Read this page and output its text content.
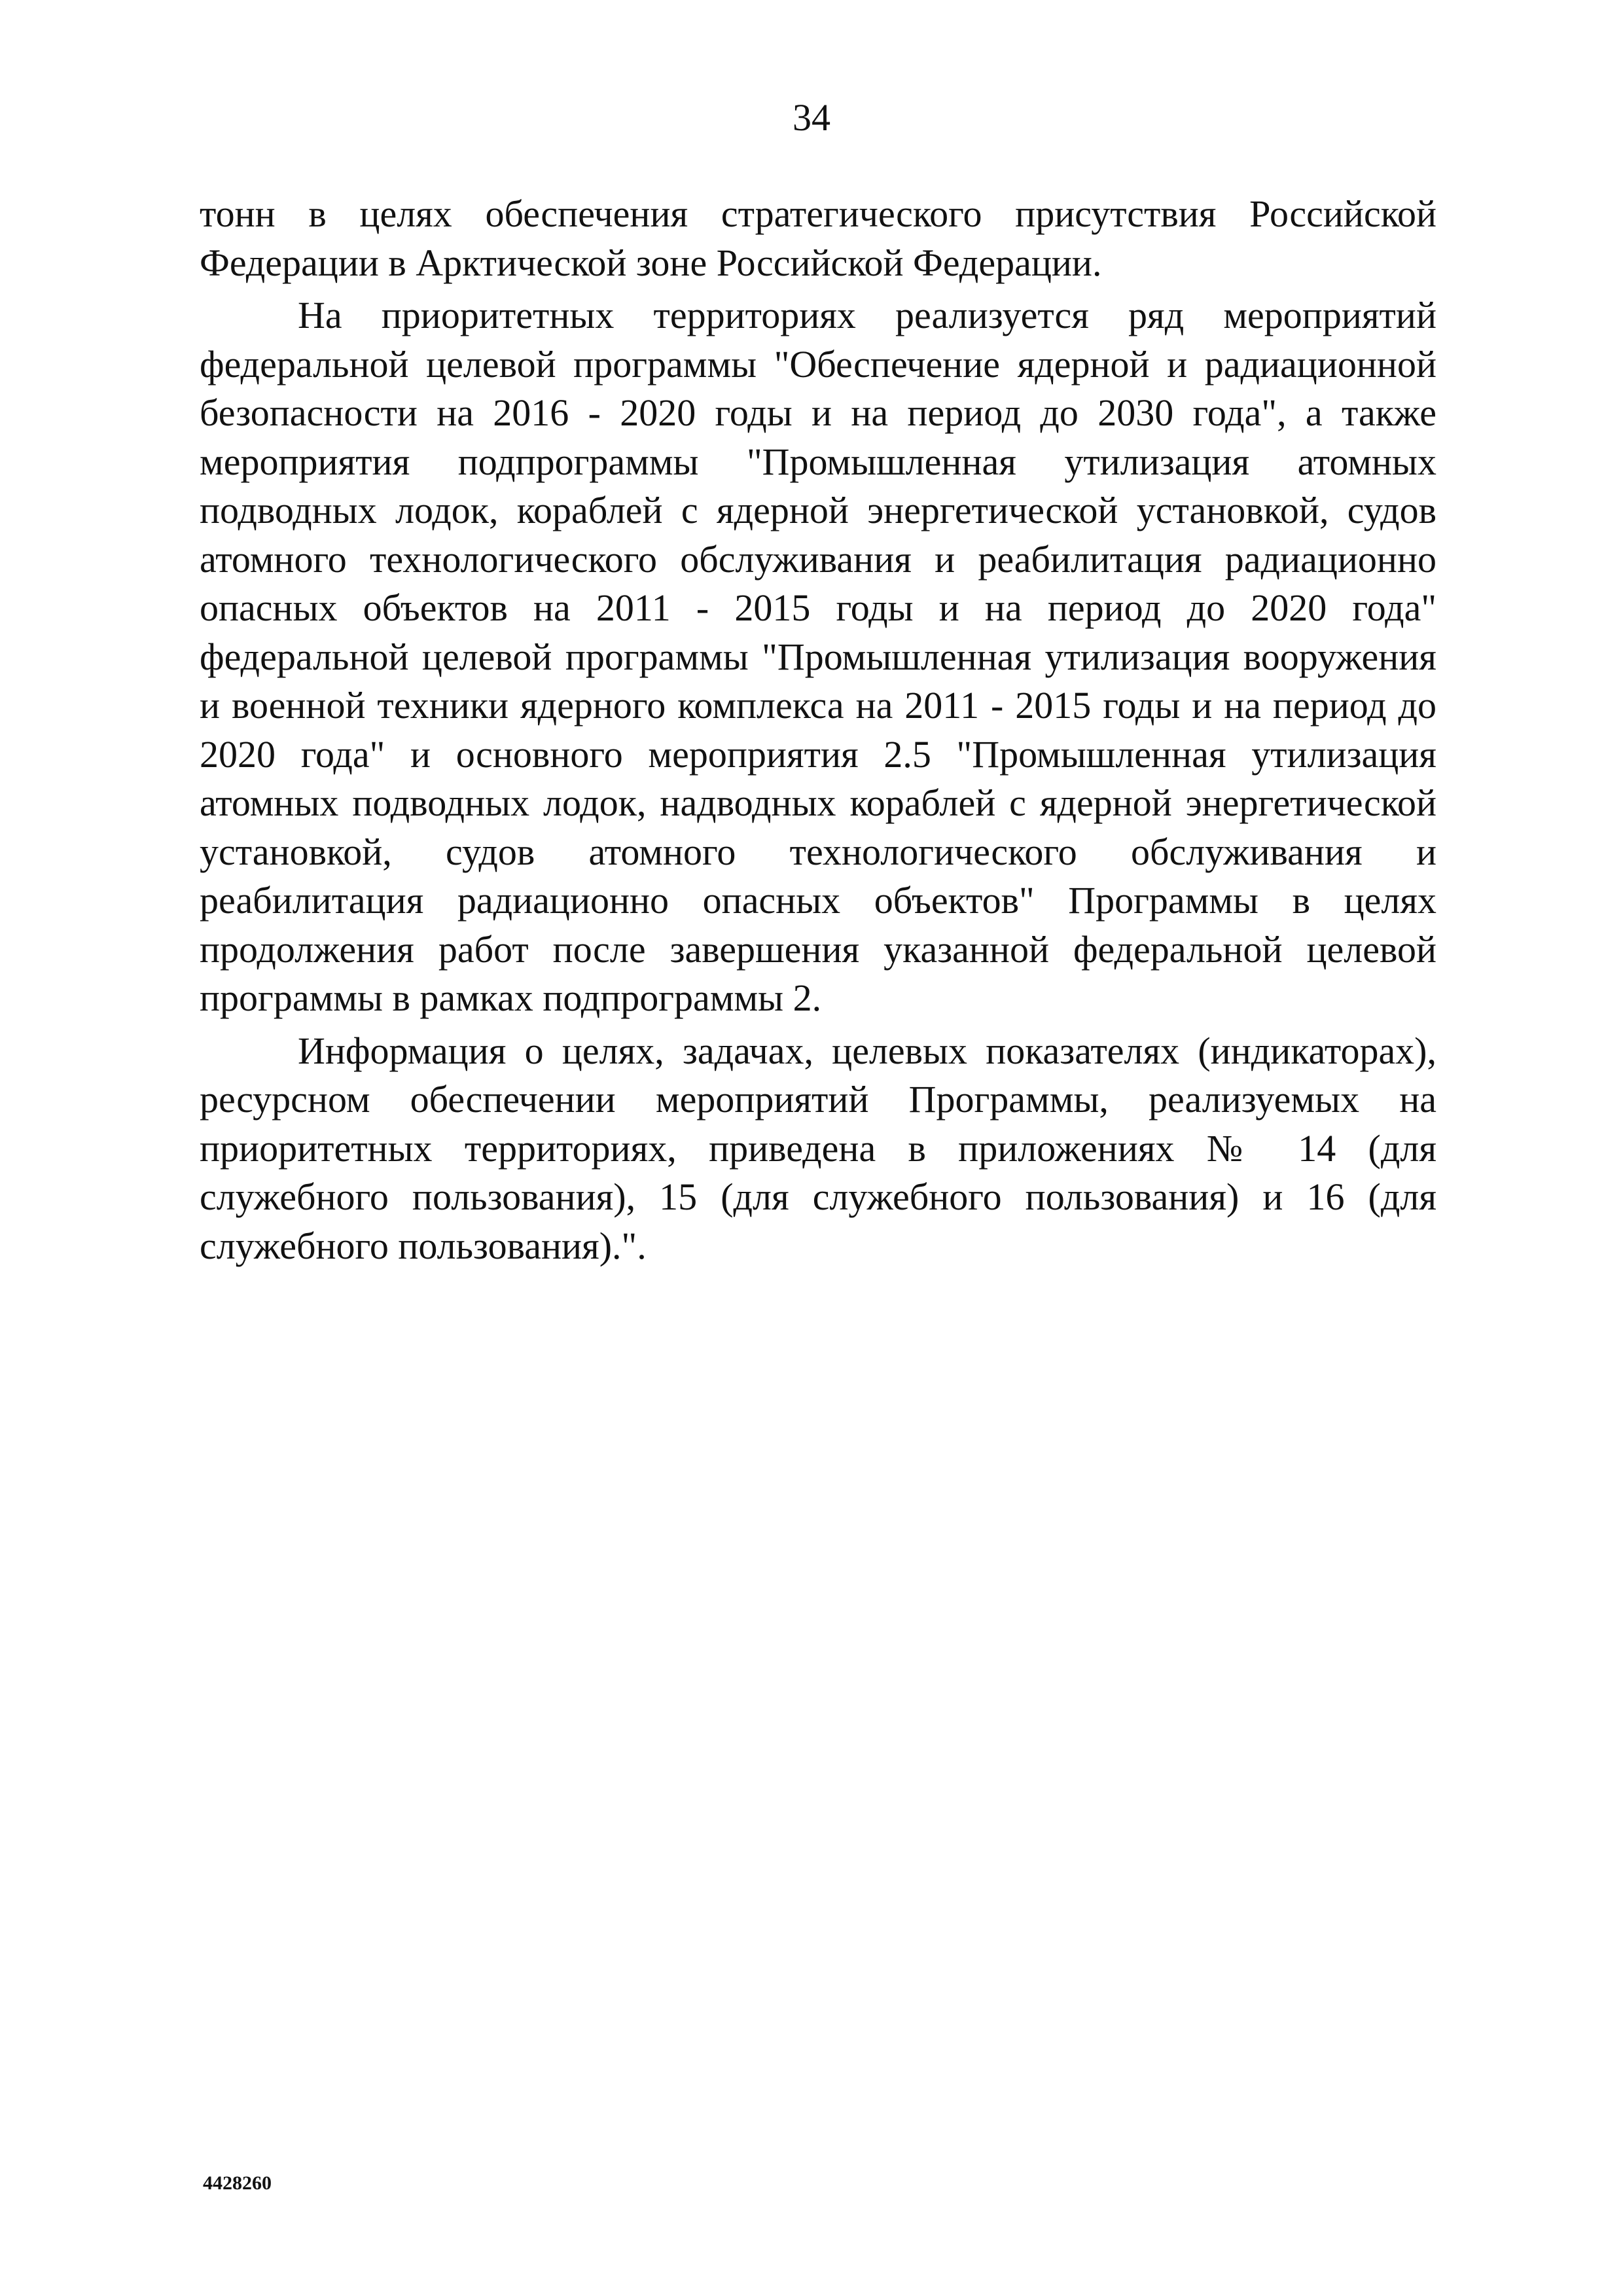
34

тонн в целях обеспечения стратегического присутствия Российской Федерации в Арктической зоне Российской Федерации.

На приоритетных территориях реализуется ряд мероприятий федеральной целевой программы "Обеспечение ядерной и радиационной безопасности на 2016 - 2020 годы и на период до 2030 года", а также мероприятия подпрограммы "Промышленная утилизация атомных подводных лодок, кораблей с ядерной энергетической установкой, судов атомного технологического обслуживания и реабилитация радиационно опасных объектов на 2011 - 2015 годы и на период до 2020 года" федеральной целевой программы "Промышленная утилизация вооружения и военной техники ядерного комплекса на 2011 - 2015 годы и на период до 2020 года" и основного мероприятия 2.5 "Промышленная утилизация атомных подводных лодок, надводных кораблей с ядерной энергетической установкой, судов атомного технологического обслуживания и реабилитация радиационно опасных объектов" Программы в целях продолжения работ после завершения указанной федеральной целевой программы в рамках подпрограммы 2.

Информация о целях, задачах, целевых показателях (индикаторах), ресурсном обеспечении мероприятий Программы, реализуемых на приоритетных территориях, приведена в приложениях № 14 (для служебного пользования), 15 (для служебного пользования) и 16 (для служебного пользования).".

4428260
